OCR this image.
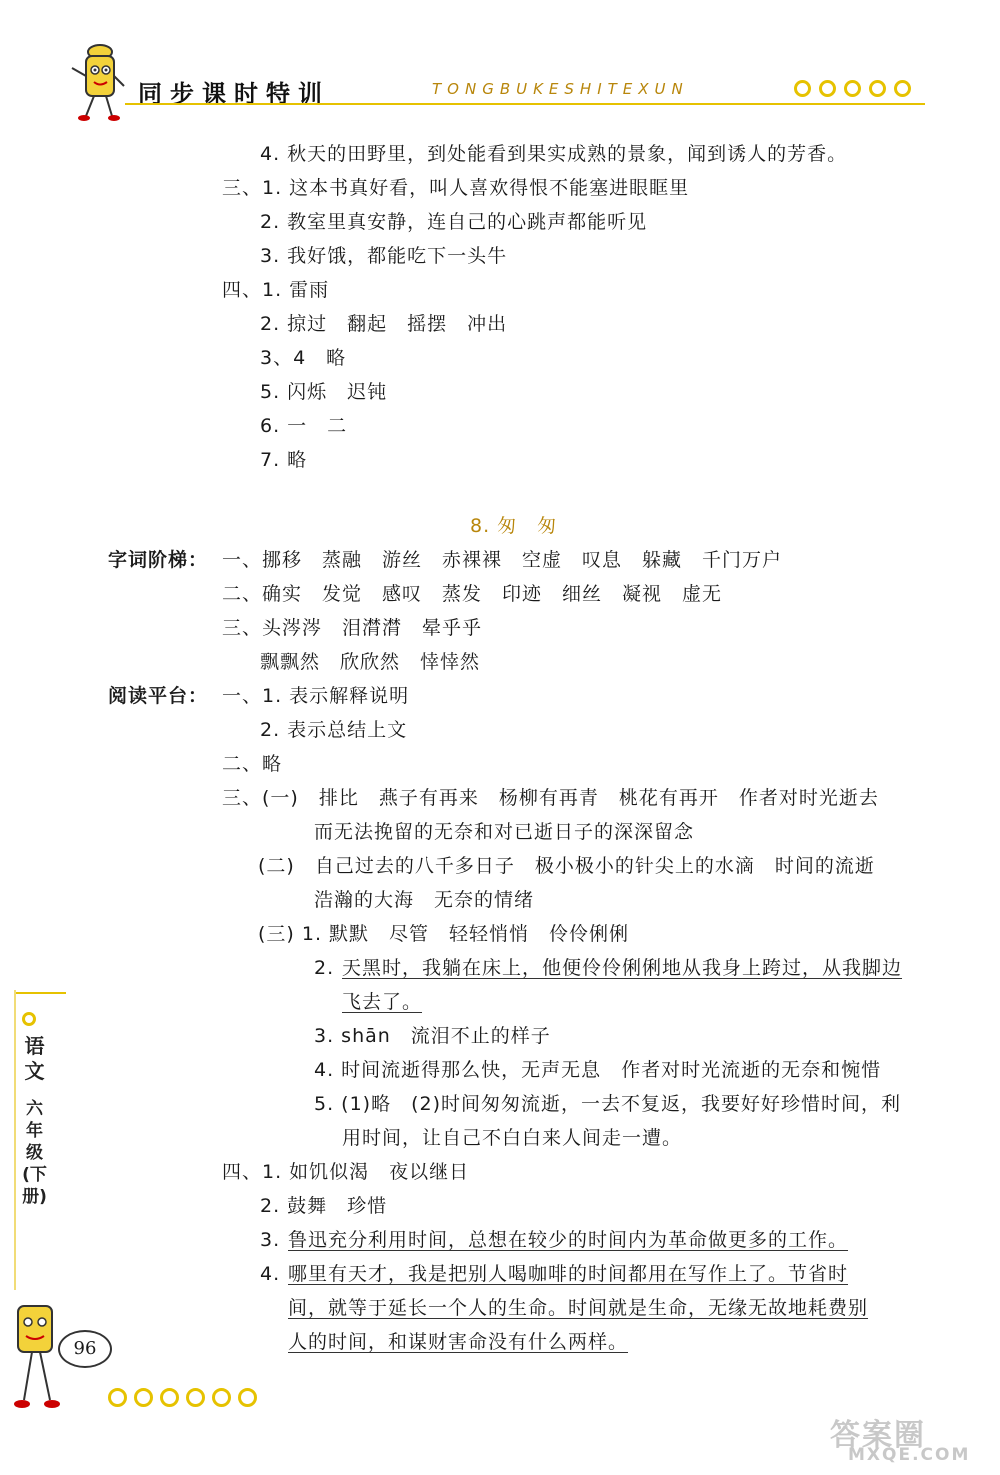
同步课时特训	TONGBUKESHITEXUN
4. 秋天的田野里，到处能看到果实成熟的景象，闻到诱人的芳香。
三、1. 这本书真好看，叫人喜欢得恨不能塞进眼眶里
2. 教室里真安静，连自己的心跳声都能听见
3. 我好饿，都能吃下一头牛
四、1. 雷雨
2. 掠过　翻起　摇摆　冲出
3、4　略
5. 闪烁　迟钝
6. 一　二
7. 略
8. 匆　匆
字词阶梯： 一、挪移　蒸融　游丝　赤裸裸　空虚　叹息　躲藏　千门万户
二、确实　发觉　感叹　蒸发　印迹　细丝　凝视　虚无
三、头涔涔　泪潸潸　晕乎乎
飘飘然　欣欣然　悻悻然
阅读平台： 一、1. 表示解释说明
2. 表示总结上文
二、略
三、(一)　排比　燕子有再来　杨柳有再青　桃花有再开　作者对时光逝去
而无法挽留的无奈和对已逝日子的深深留念
(二)　自己过去的八千多日子　极小极小的针尖上的水滴　时间的流逝
浩瀚的大海　无奈的情绪
(三) 1. 默默　尽管　轻轻悄悄　伶伶俐俐
2. 天黑时，我躺在床上，他便伶伶俐俐地从我身上跨过，从我脚边
飞去了。
3. shān　流泪不止的样子
4. 时间流逝得那么快，无声无息　作者对时光流逝的无奈和惋惜
5. (1)略　(2)时间匆匆流逝，一去不复返，我要好好珍惜时间，利
用时间，让自己不白白来人间走一遭。
四、1. 如饥似渴　夜以继日
2. 鼓舞　珍惜
3. 鲁迅充分利用时间，总想在较少的时间内为革命做更多的工作。
4. 哪里有天才，我是把别人喝咖啡的时间都用在写作上了。节省时
间，就等于延长一个人的生命。时间就是生命，无缘无故地耗费别
人的时间，和谋财害命没有什么两样。
语文
六年级(下册)
96
答案圈
MXQE.COM
